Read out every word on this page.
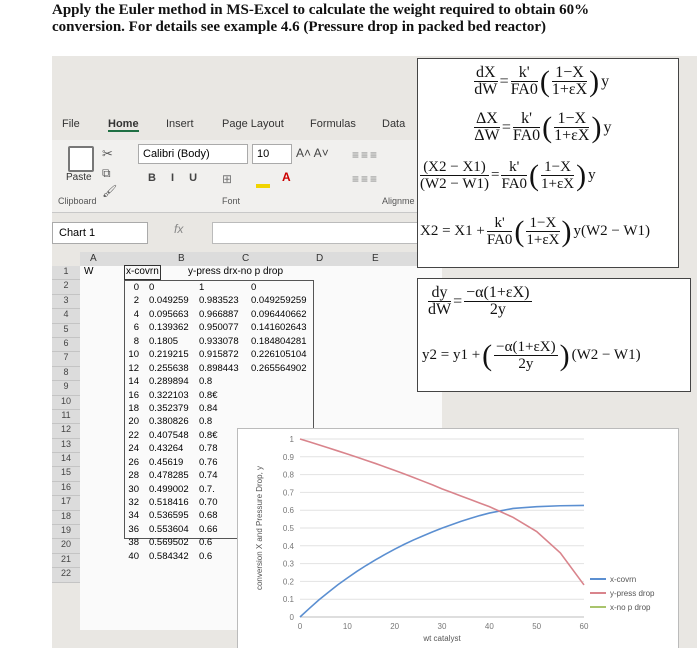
Apply the Euler method in MS-Excel to calculate the weight required to obtain 60% conversion. For details see example 4.6 (Pressure drop in packed bed reactor)
File	Home Insert	Page Layout Formulas Data
Paste
✂
⧉
🖌
Calibri (Body)	10	A˄ A˅
B I U ⊞	A
≡≡≡
≡≡≡
Clipboard	Font	Alignme
Chart 1	fx
A	B	C	D	E
1
2
3
4
5
6
7
8
9
10
11
12
13
14
15
16
17
18
19
20
21
22
W	x-covrn	y-press drx-no p drop
0 0	1	0
2 0.049259 0.983523 0.049259259
4 0.095663 0.966887 0.096440662
6 0.139362 0.950077 0.141602643
8 0.1805 0.933078 0.184804281
10 0.219215 0.915872 0.226105104
12 0.255638 0.898443 0.265564902
14 0.289894 0.8
16 0.322103 0.8€
18 0.352379 0.84
20 0.380826 0.8
22 0.407548 0.8€
24 0.43264 0.78
26 0.45619 0.76
28 0.478285 0.74
30 0.499002 0.7.
32 0.518416 0.70
34 0.536595 0.68
36 0.553604 0.66
38 0.569502 0.6
40 0.584342 0.6
$\frac{dX}{dW} = \frac{k'}{FA0}$ ( $\frac{1-X}{1+\varepsilon X}$ ) y
$\frac{\Delta X}{\Delta W} = \frac{k'}{FA0}$ ( $\frac{1-X}{1+\varepsilon X}$ ) y
$\frac{(X2 - X1)}{(W2 - W1)} = \frac{k'}{FA0}$ ( $\frac{1-X}{1+\varepsilon X}$ ) y
$X2 = X1 + \frac{k'}{FA0}$ ( $\frac{1-X}{1+\varepsilon X}$ ) y(W2 − W1)
$\frac{dy}{dW} = \frac{-\alpha(1+\varepsilon X)}{2y}$
y2 = y1 + ( $\frac{-\alpha(1+\varepsilon X)}{2y}$ ) (W2 − W1)
0
0.1
0.2
0.3
0.4
0.5
0.6
0.7
0.8
0.9
1
0	10	20	30	40	50	60
wt catalyst
conversion X and Pressure Drop, y	x-covrn
y-press drop
x-no p drop
